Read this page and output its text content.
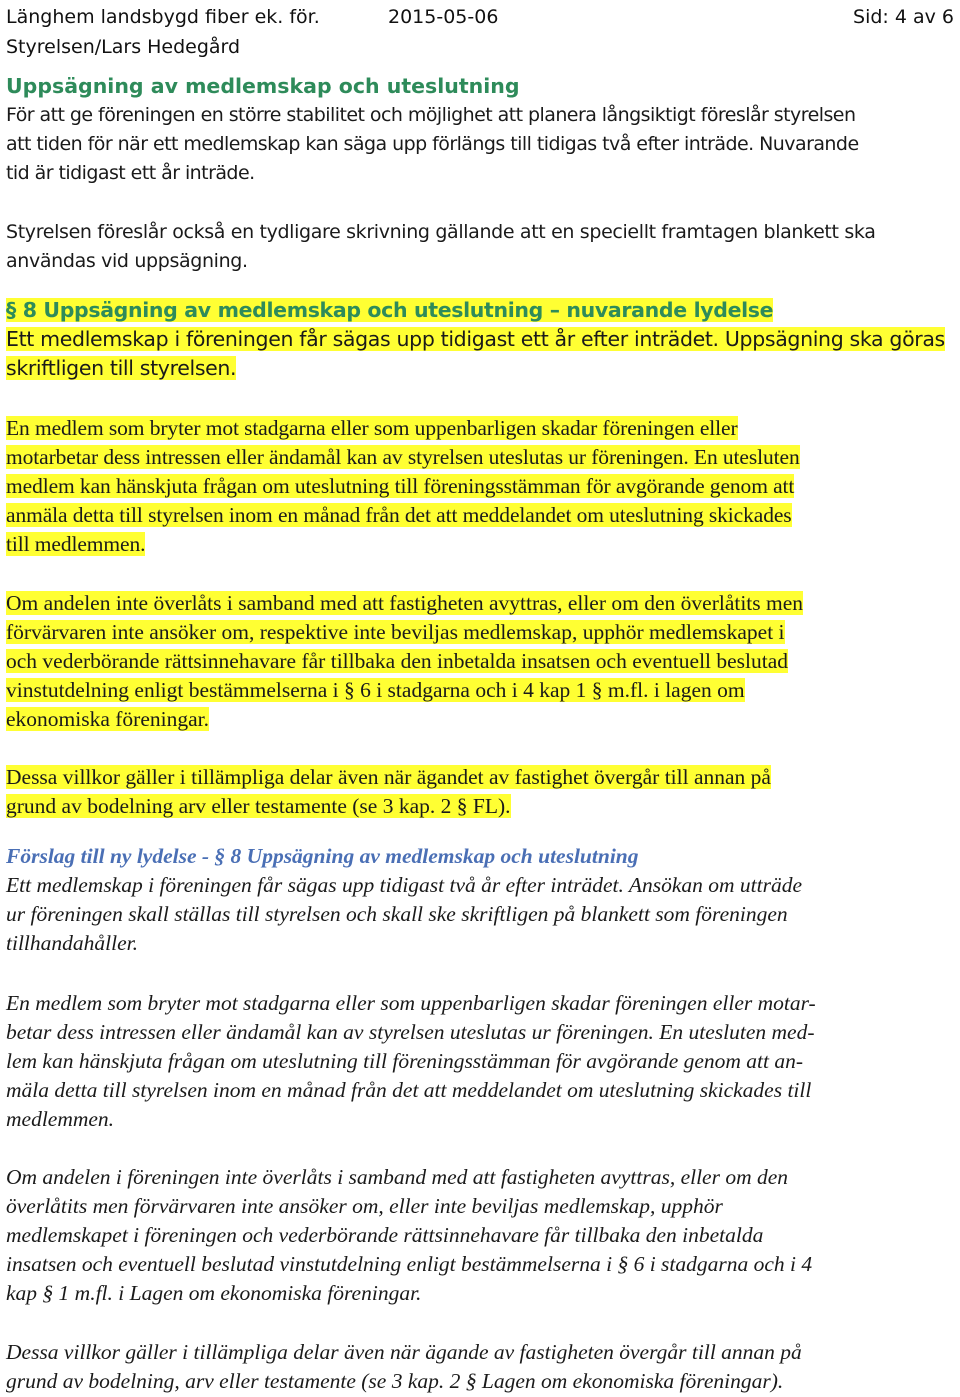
Länghem landsbygd fiber ek. för.	2015-05-06	Sid: 4 av 6
Styrelsen/Lars Hedegård
Uppsägning av medlemskap och uteslutning
För att ge föreningen en större stabilitet och möjlighet att planera långsiktigt föreslår styrelsen
att tiden för när ett medlemskap kan säga upp förlängs till tidigas två efter inträde. Nuvarande
tid är tidigast ett år inträde.
Styrelsen föreslår också en tydligare skrivning gällande att en speciellt framtagen blankett ska
användas vid uppsägning.
§ 8 Uppsägning av medlemskap och uteslutning – nuvarande lydelse
Ett medlemskap i föreningen får sägas upp tidigast ett år efter inträdet. Uppsägning ska göras
skriftligen till styrelsen.
En medlem som bryter mot stadgarna eller som uppenbarligen skadar föreningen eller
motarbetar dess intressen eller ändamål kan av styrelsen uteslutas ur föreningen. En utesluten
medlem kan hänskjuta frågan om uteslutning till föreningsstämman för avgörande genom att
anmäla detta till styrelsen inom en månad från det att meddelandet om uteslutning skickades
till medlemmen.
Om andelen inte överlåts i samband med att fastigheten avyttras, eller om den överlåtits men
förvärvaren inte ansöker om, respektive inte beviljas medlemskap, upphör medlemskapet i
och vederbörande rättsinnehavare får tillbaka den inbetalda insatsen och eventuell beslutad
vinstutdelning enligt bestämmelserna i § 6 i stadgarna och i 4 kap 1 § m.fl. i lagen om
ekonomiska föreningar.
Dessa villkor gäller i tillämpliga delar även när ägandet av fastighet övergår till annan på
grund av bodelning arv eller testamente (se 3 kap. 2 § FL).
Förslag till ny lydelse - § 8 Uppsägning av medlemskap och uteslutning
Ett medlemskap i föreningen får sägas upp tidigast två år efter inträdet. Ansökan om utträde
ur föreningen skall ställas till styrelsen och skall ske skriftligen på blankett som föreningen
tillhandahåller.
En medlem som bryter mot stadgarna eller som uppenbarligen skadar föreningen eller motar-
betar dess intressen eller ändamål kan av styrelsen uteslutas ur föreningen. En utesluten med-
lem kan hänskjuta frågan om uteslutning till föreningsstämman för avgörande genom att an-
mäla detta till styrelsen inom en månad från det att meddelandet om uteslutning skickades till
medlemmen.
Om andelen i föreningen inte överlåts i samband med att fastigheten avyttras, eller om den
överlåtits men förvärvaren inte ansöker om, eller inte beviljas medlemskap, upphör
medlemskapet i föreningen och vederbörande rättsinnehavare får tillbaka den inbetalda
insatsen och eventuell beslutad vinstutdelning enligt bestämmelserna i § 6 i stadgarna och i 4
kap § 1 m.fl. i Lagen om ekonomiska föreningar.
Dessa villkor gäller i tillämpliga delar även när ägande av fastigheten övergår till annan på
grund av bodelning, arv eller testamente (se 3 kap. 2 § Lagen om ekonomiska föreningar).
